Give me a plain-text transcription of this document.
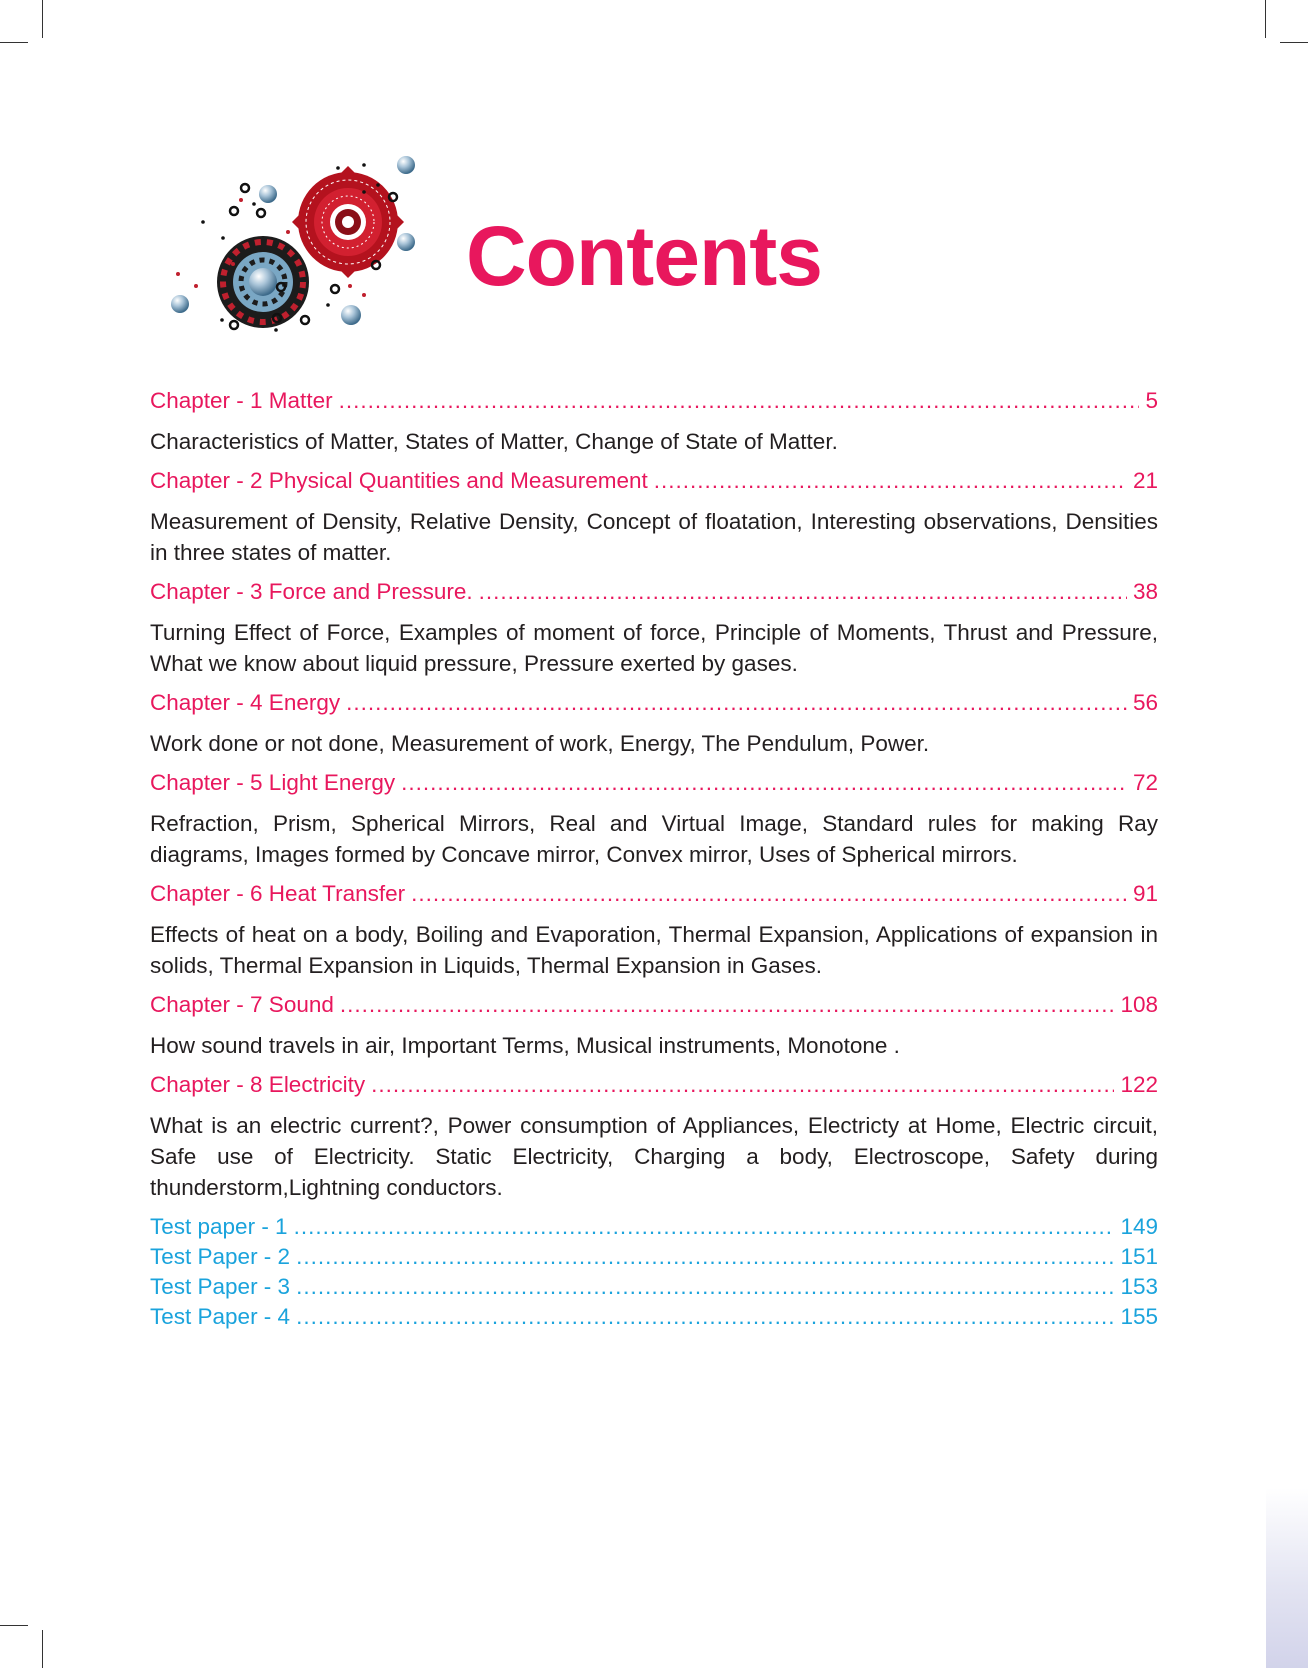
Contents
Chapter - 1 Matter .....	5
Characteristics of Matter, States of Matter, Change of State of Matter.
Chapter - 2 Physical Quantities and Measurement .....	21
Measurement of Density, Relative Density, Concept of floatation, Interesting observations, Densities in three states of matter.
Chapter - 3 Force and Pressure. .....	38
Turning Effect of Force, Examples of moment of force, Principle of Moments, Thrust and Pressure, What we know about liquid pressure, Pressure exerted by gases.
Chapter - 4 Energy .....	56
Work done or not done, Measurement of work, Energy, The Pendulum, Power.
Chapter - 5 Light Energy .....	72
Refraction, Prism, Spherical Mirrors, Real and Virtual Image, Standard rules for making Ray diagrams, Images formed by Concave mirror, Convex mirror, Uses of Spherical mirrors.
Chapter - 6 Heat Transfer .....	91
Effects of heat on a body, Boiling and Evaporation, Thermal Expansion, Applications of expansion in solids, Thermal Expansion in Liquids, Thermal Expansion in Gases.
Chapter - 7 Sound .....	108
How sound travels in air, Important Terms, Musical instruments, Monotone .
Chapter - 8 Electricity .....	122
What is an electric current?, Power consumption of Appliances, Electricty at Home, Electric circuit, Safe use of Electricity. Static Electricity, Charging a body, Electroscope, Safety during thunderstorm,Lightning conductors.
Test paper - 1 .....	149
Test Paper - 2 .....	151
Test Paper - 3 .....	153
Test Paper - 4 .....	155
